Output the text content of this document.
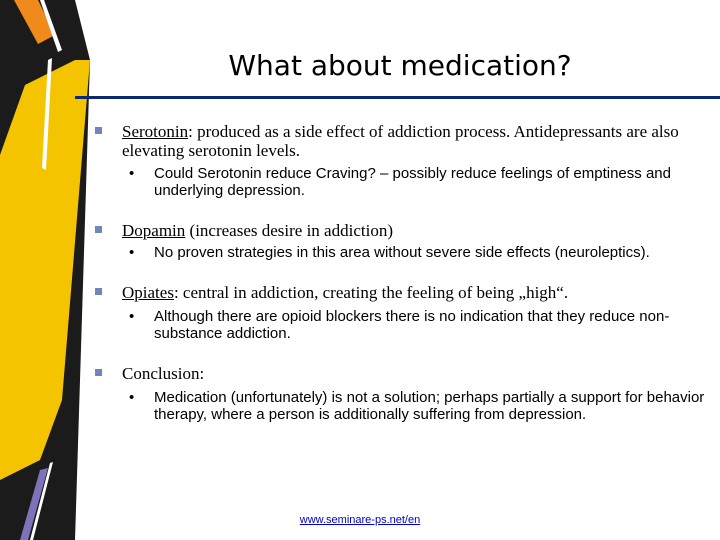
What about medication?
Serotonin: produced as a side effect of addiction process. Antidepressants are also elevating serotonin levels.
• Could Serotonin reduce Craving? – possibly reduce feelings of emptiness and underlying depression.
Dopamin (increases desire in addiction)
• No proven strategies in this area without severe side effects (neuroleptics).
Opiates: central in addiction, creating the feeling of being „high“.
• Although there are opioid blockers there is no indication that they reduce non-substance addiction.
Conclusion:
• Medication (unfortunately) is not a solution; perhaps partially a support for behavior therapy, where a person is additionally suffering from depression.
www.seminare-ps.net/en
